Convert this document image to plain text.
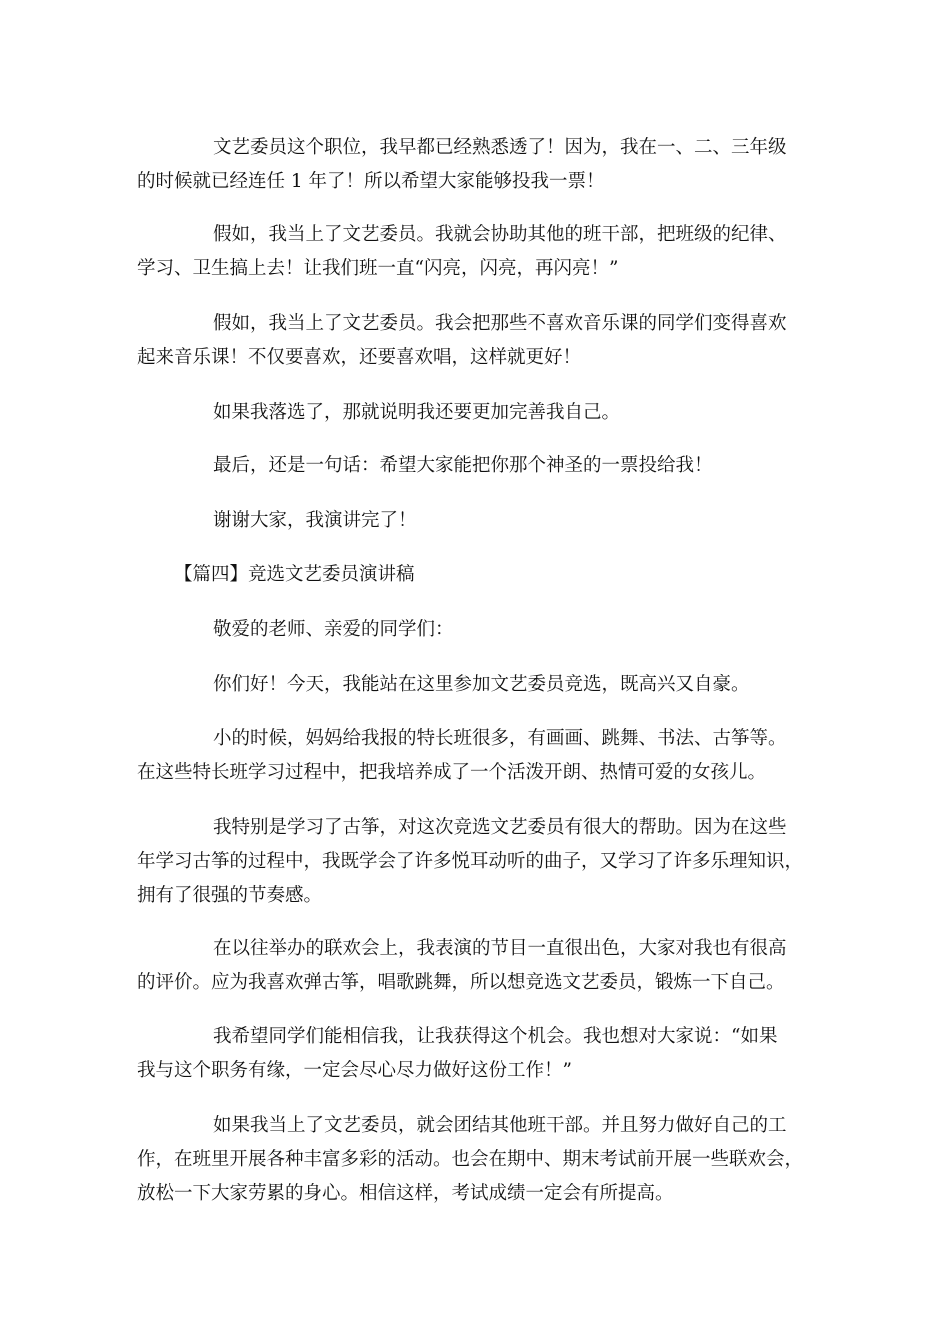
文艺委员这个职位，我早都已经熟悉透了！因为，我在一、二、三年级
的时候就已经连任 1 年了！所以希望大家能够投我一票！
假如，我当上了文艺委员。我就会协助其他的班干部，把班级的纪律、
学习、卫生搞上去！让我们班一直“闪亮，闪亮，再闪亮！”
假如，我当上了文艺委员。我会把那些不喜欢音乐课的同学们变得喜欢
起来音乐课！不仅要喜欢，还要喜欢唱，这样就更好！
如果我落选了，那就说明我还要更加完善我自己。
最后，还是一句话：希望大家能把你那个神圣的一票投给我！
谢谢大家，我演讲完了！
【篇四】竞选文艺委员演讲稿
敬爱的老师、亲爱的同学们：
你们好！今天，我能站在这里参加文艺委员竞选，既高兴又自豪。
小的时候，妈妈给我报的特长班很多，有画画、跳舞、书法、古筝等。
在这些特长班学习过程中，把我培养成了一个活泼开朗、热情可爱的女孩儿。
我特别是学习了古筝，对这次竞选文艺委员有很大的帮助。因为在这些
年学习古筝的过程中，我既学会了许多悦耳动听的曲子，又学习了许多乐理知识，
拥有了很强的节奏感。
在以往举办的联欢会上，我表演的节目一直很出色，大家对我也有很高
的评价。应为我喜欢弹古筝，唱歌跳舞，所以想竞选文艺委员，锻炼一下自己。
我希望同学们能相信我，让我获得这个机会。我也想对大家说：“如果
我与这个职务有缘，一定会尽心尽力做好这份工作！”
如果我当上了文艺委员，就会团结其他班干部。并且努力做好自己的工
作，在班里开展各种丰富多彩的活动。也会在期中、期末考试前开展一些联欢会，
放松一下大家劳累的身心。相信这样，考试成绩一定会有所提高。
